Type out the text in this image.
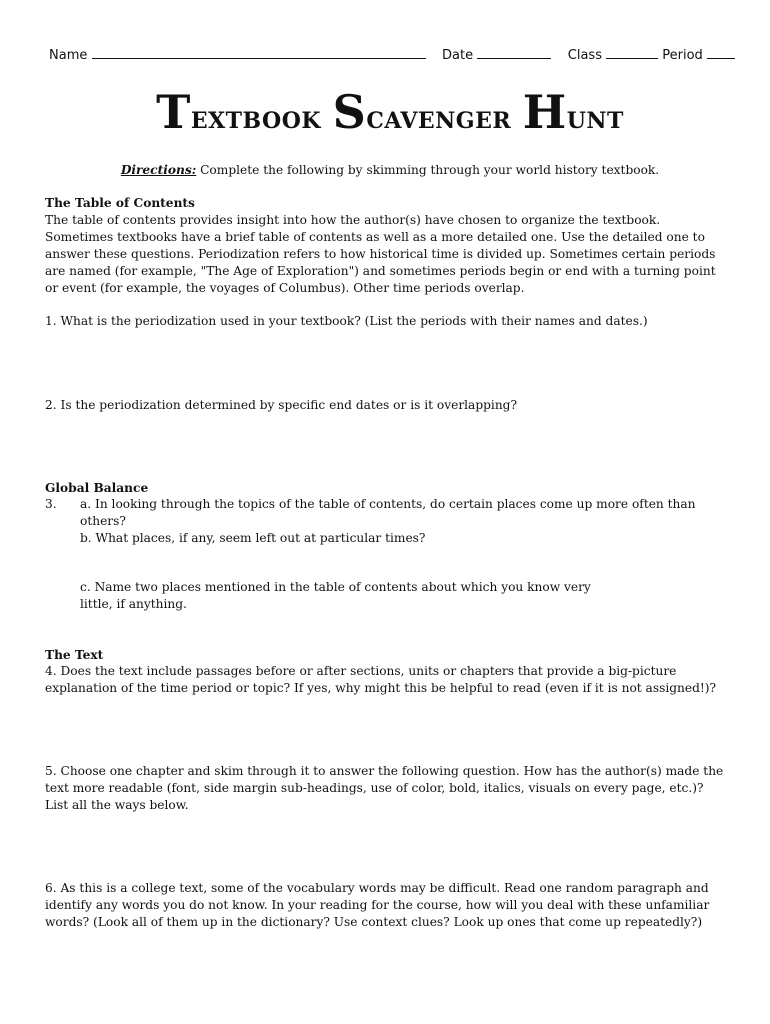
Name	Date	Class	Period
Textbook Scavenger Hunt
Directions: Complete the following by skimming through your world history textbook.

The Table of Contents

The table of contents provides insight into how the author(s) have chosen to organize the textbook. Sometimes textbooks have a brief table of contents as well as a more detailed one. Use the detailed one to answer these questions. Periodization refers to how historical time is divided up. Sometimes certain periods are named (for example, "The Age of Exploration") and sometimes periods begin or end with a turning point or event (for example, the voyages of Columbus). Other time periods overlap.

1. What is the periodization used in your textbook? (List the periods with their names and dates.)
2. Is the periodization determined by specific end dates or is it overlapping?
Global Balance
3.	a. In looking through the topics of the table of contents, do certain places come up more often than others?
b. What places, if any, seem left out at particular times?
c. Name two places mentioned in the table of contents about which you know very little, if anything.
The Text
4. Does the text include passages before or after sections, units or chapters that provide a big-picture explanation of the time period or topic? If yes, why might this be helpful to read (even if it is not assigned!)?
5. Choose one chapter and skim through it to answer the following question. How has the author(s) made the text more readable (font, side margin sub-headings, use of color, bold, italics, visuals on every page, etc.)? List all the ways below.
6. As this is a college text, some of the vocabulary words may be difficult. Read one random paragraph and identify any words you do not know. In your reading for the course, how will you deal with these unfamiliar words? (Look all of them up in the dictionary? Use context clues? Look up ones that come up repeatedly?)
